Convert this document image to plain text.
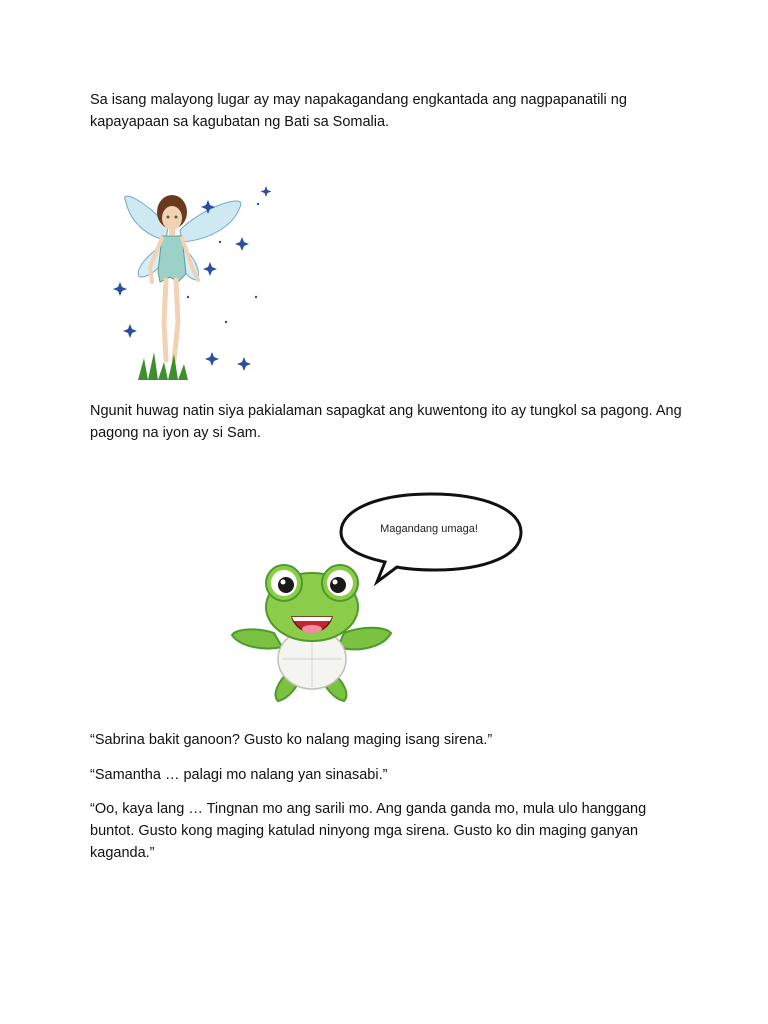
Sa isang malayong lugar ay may napakagandang engkantada ang nagpapanatili ng kapayapaan sa kagubatan ng Bati sa Somalia.

Ngunit huwag natin siya pakialaman sapagkat ang kuwentong ito ay tungkol sa pagong. Ang pagong na iyon ay si Sam.

Magandang umaga!

“Sabrina bakit ganoon? Gusto ko nalang maging isang sirena.”

“Samantha … palagi mo nalang yan sinasabi.”

“Oo, kaya lang … Tingnan mo ang sarili mo. Ang ganda ganda mo, mula ulo hanggang buntot. Gusto kong maging katulad ninyong mga sirena. Gusto ko din maging ganyan kaganda.”
